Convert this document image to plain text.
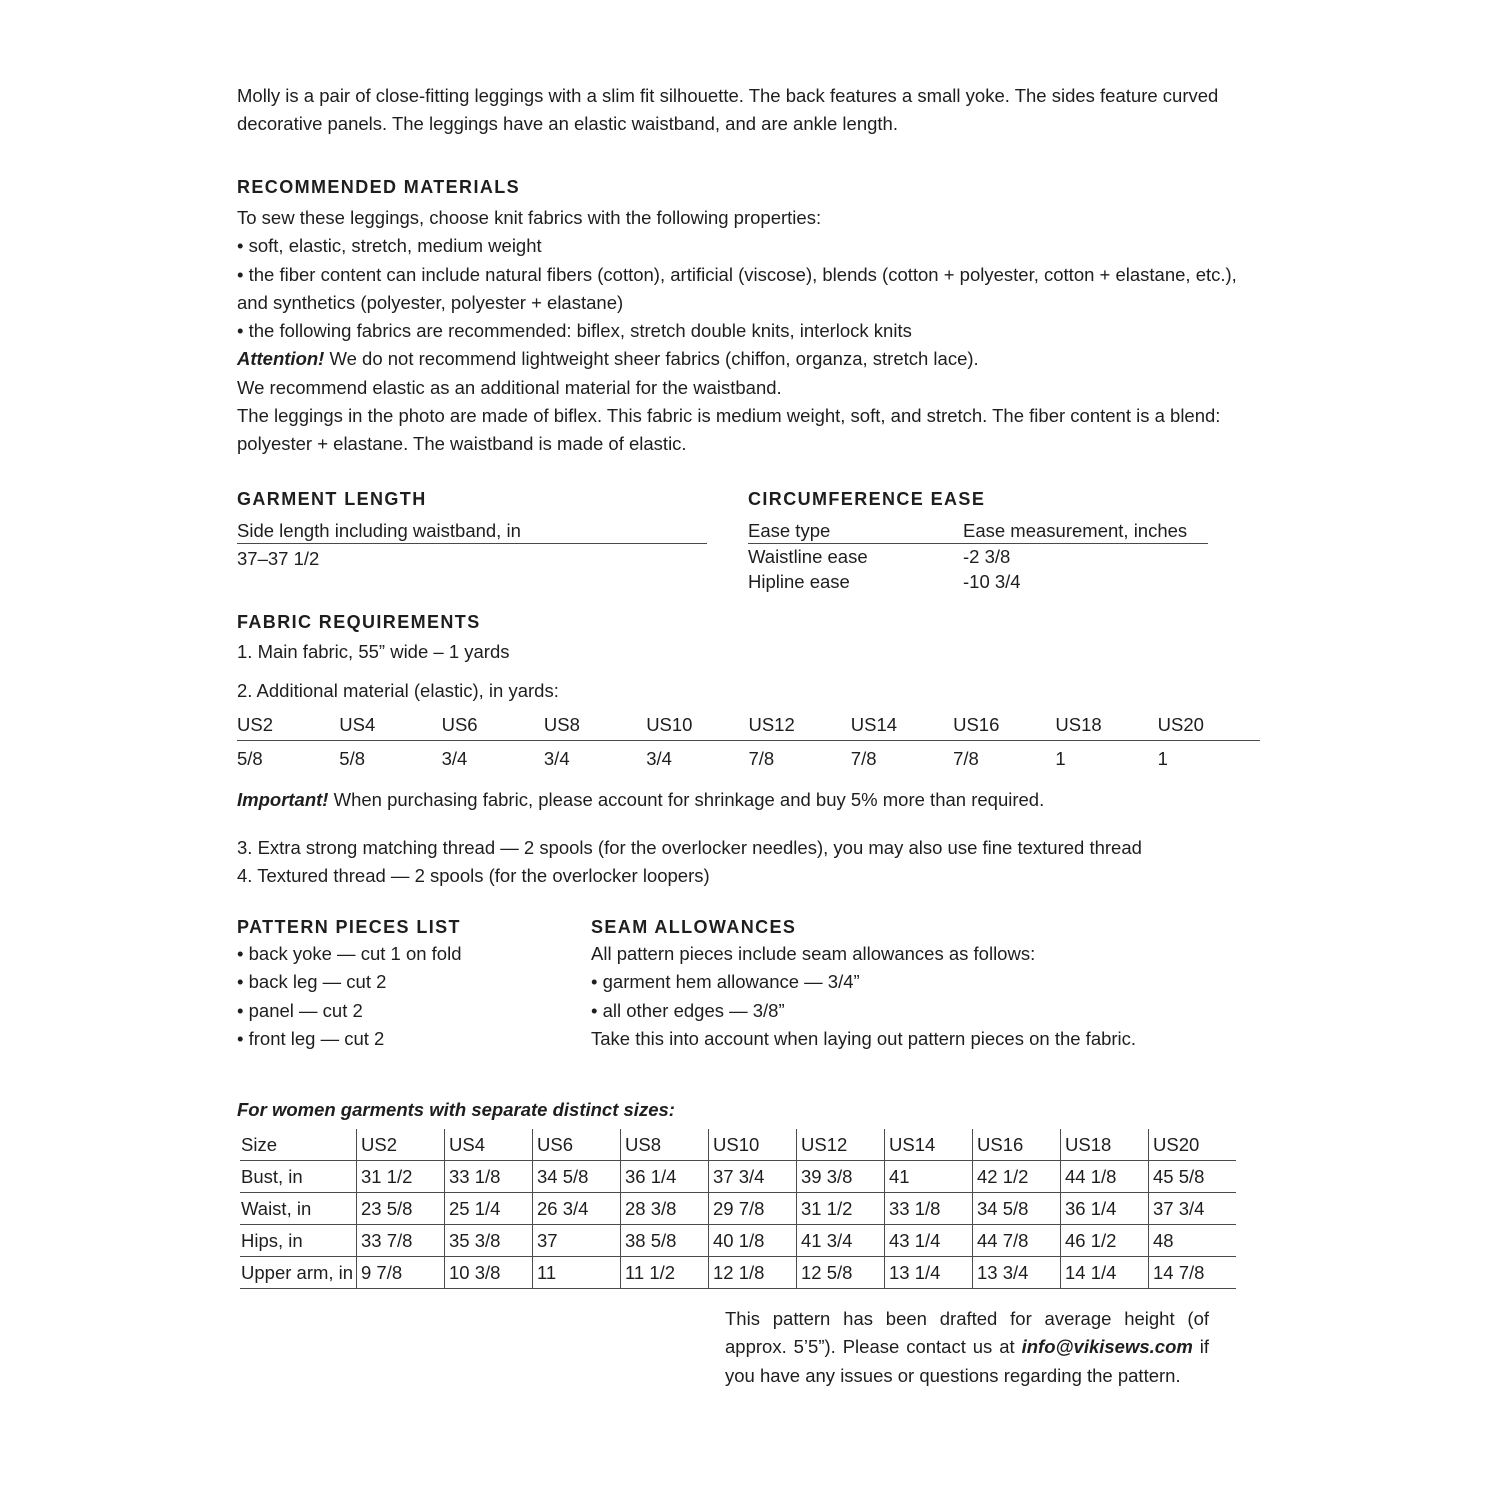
Molly is a pair of close-fitting leggings with a slim fit silhouette. The back features a small yoke. The sides feature curved decorative panels. The leggings have an elastic waistband, and are ankle length.

RECOMMENDED MATERIALS

To sew these leggings, choose knit fabrics with the following properties:

• soft, elastic, stretch, medium weight

• the fiber content can include natural fibers (cotton), artificial (viscose), blends (cotton + polyester, cotton + elastane, etc.), and synthetics (polyester, polyester + elastane)

• the following fabrics are recommended: biflex, stretch double knits, interlock knits

Attention! We do not recommend lightweight sheer fabrics (chiffon, organza, stretch lace).

We recommend elastic as an additional material for the waistband.

The leggings in the photo are made of biflex. This fabric is medium weight, soft, and stretch. The fiber content is a blend: polyester + elastane. The waistband is made of elastic.

GARMENT LENGTH

Side length including waistband, in
37–37 1/2

CIRCUMFERENCE EASE

Ease type	Ease measurement, inches
Waistline ease	-2 3/8
Hipline ease	-10 3/4

FABRIC REQUIREMENTS

1. Main fabric, 55” wide – 1 yards

2. Additional material (elastic), in yards:

US2	US4	US6	US8	US10	US12	US14	US16	US18	US20
5/8	5/8	3/4	3/4	3/4	7/8	7/8	7/8	1	1

Important! When purchasing fabric, please account for shrinkage and buy 5% more than required.

3. Extra strong matching thread — 2 spools (for the overlocker needles), you may also use fine textured thread

4. Textured thread — 2 spools (for the overlocker loopers)

PATTERN PIECES LIST

• back yoke — cut 1 on fold

• back leg — cut 2

• panel — cut 2

• front leg — cut 2

SEAM ALLOWANCES

All pattern pieces include seam allowances as follows:

• garment hem allowance — 3/4”

• all other edges — 3/8”

Take this into account when laying out pattern pieces on the fabric.

For women garments with separate distinct sizes:
Size	US2	US4	US6	US8	US10	US12	US14	US16	US18	US20
Bust, in	31 1/2	33 1/8	34 5/8	36 1/4	37 3/4	39 3/8	41	42 1/2	44 1/8	45 5/8
Waist, in	23 5/8	25 1/4	26 3/4	28 3/8	29 7/8	31 1/2	33 1/8	34 5/8	36 1/4	37 3/4
Hips, in	33 7/8	35 3/8	37	38 5/8	40 1/8	41 3/4	43 1/4	44 7/8	46 1/2	48
Upper arm, in	9 7/8	10 3/8	11	11 1/2	12 1/8	12 5/8	13 1/4	13 3/4	14 1/4	14 7/8

This pattern has been drafted for average height (of approx. 5’5”). Please contact us at info@vikisews.com if you have any issues or questions regarding the pattern.
